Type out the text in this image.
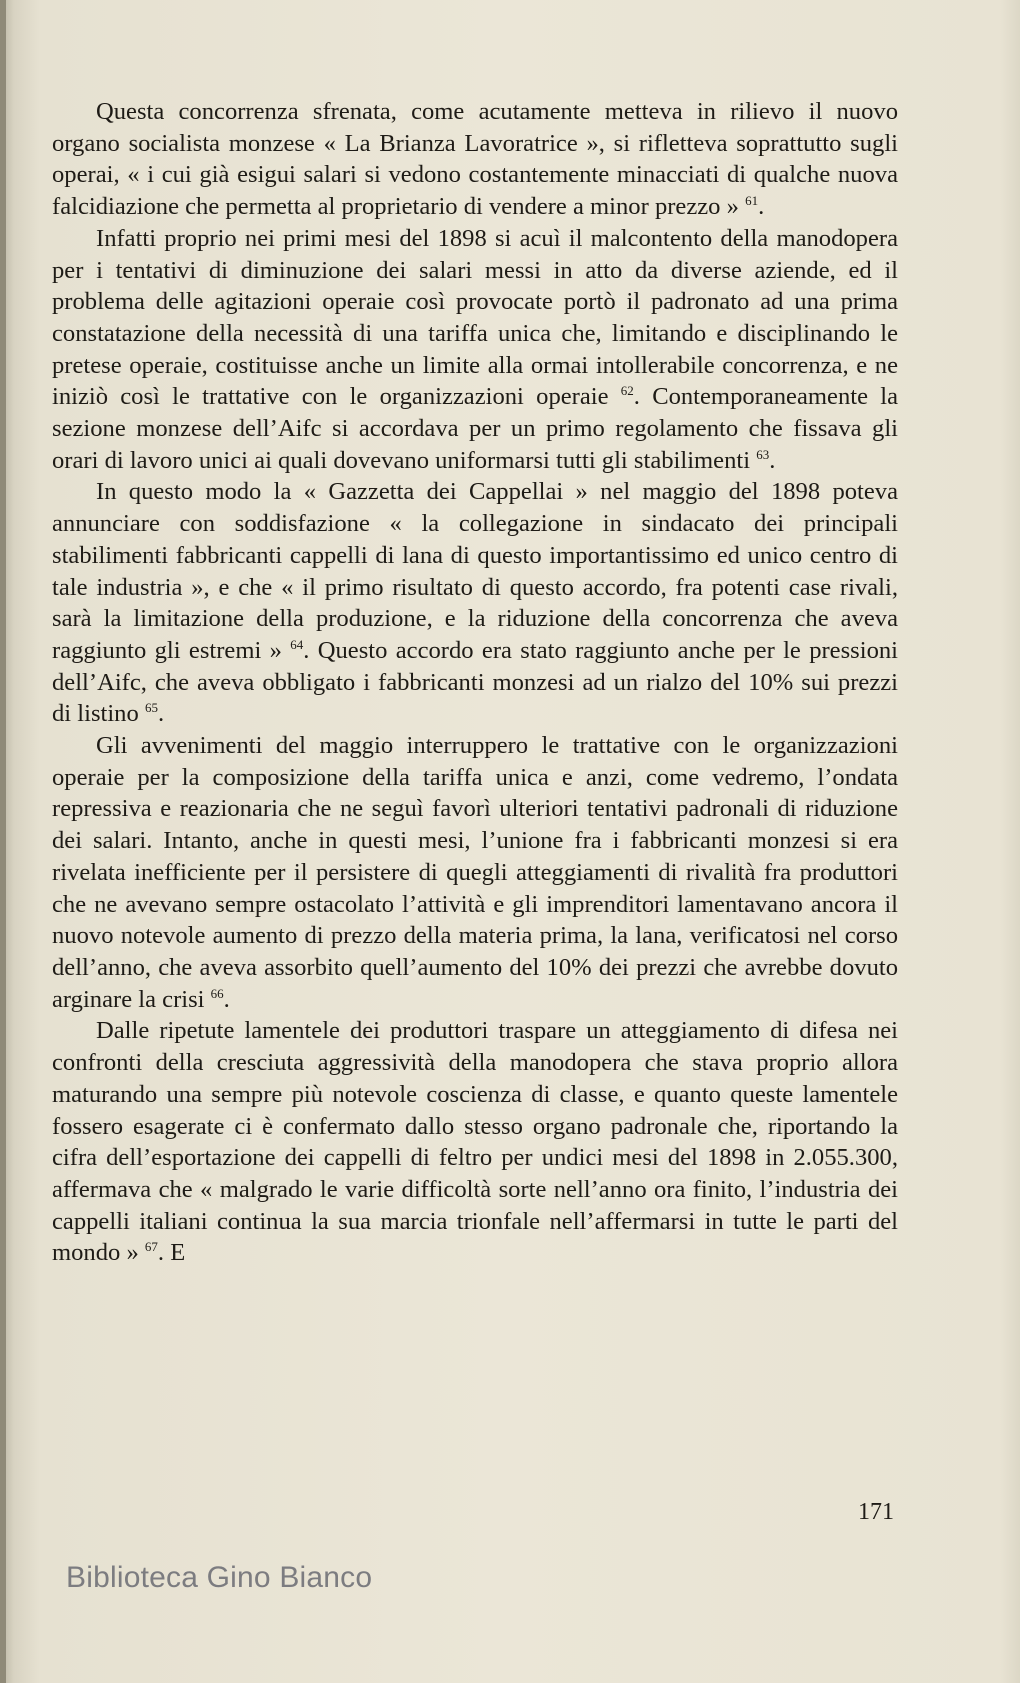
Questa concorrenza sfrenata, come acutamente metteva in rilievo il nuovo organo socialista monzese « La Brianza Lavoratrice », si rifletteva soprattutto sugli operai, « i cui già esigui salari si vedono costantemente minacciati di qualche nuova falcidiazione che permetta al proprietario di vendere a minor prezzo » $^{61}$.

Infatti proprio nei primi mesi del 1898 si acuì il malcontento della manodopera per i tentativi di diminuzione dei salari messi in atto da diverse aziende, ed il problema delle agitazioni operaie così provocate portò il padronato ad una prima constatazione della necessità di una tariffa unica che, limitando e disciplinando le pretese operaie, costituisse anche un limite alla ormai intollerabile concorrenza, e ne iniziò così le trattative con le organizzazioni operaie $^{62}$. Contemporaneamente la sezione monzese dell’Aifc si accordava per un primo regolamento che fissava gli orari di lavoro unici ai quali dovevano uniformarsi tutti gli stabilimenti $^{63}$.

In questo modo la « Gazzetta dei Cappellai » nel maggio del 1898 poteva annunciare con soddisfazione « la collegazione in sindacato dei principali stabilimenti fabbricanti cappelli di lana di questo importantissimo ed unico centro di tale industria », e che « il primo risultato di questo accordo, fra potenti case rivali, sarà la limitazione della produzione, e la riduzione della concorrenza che aveva raggiunto gli estremi » $^{64}$. Questo accordo era stato raggiunto anche per le pressioni dell’Aifc, che aveva obbligato i fabbricanti monzesi ad un rialzo del 10% sui prezzi di listino $^{65}$.

Gli avvenimenti del maggio interruppero le trattative con le organizzazioni operaie per la composizione della tariffa unica e anzi, come vedremo, l’ondata repressiva e reazionaria che ne seguì favorì ulteriori tentativi padronali di riduzione dei salari. Intanto, anche in questi mesi, l’unione fra i fabbricanti monzesi si era rivelata inefficiente per il persistere di quegli atteggiamenti di rivalità fra produttori che ne avevano sempre ostacolato l’attività e gli imprenditori lamentavano ancora il nuovo notevole aumento di prezzo della materia prima, la lana, verificatosi nel corso dell’anno, che aveva assorbito quell’aumento del 10% dei prezzi che avrebbe dovuto arginare la crisi $^{66}$.

Dalle ripetute lamentele dei produttori traspare un atteggiamento di difesa nei confronti della cresciuta aggressività della manodopera che stava proprio allora maturando una sempre più notevole coscienza di classe, e quanto queste lamentele fossero esagerate ci è confermato dallo stesso organo padronale che, riportando la cifra dell’esportazione dei cappelli di feltro per undici mesi del 1898 in 2.055.300, affermava che « malgrado le varie difficoltà sorte nell’anno ora finito, l’industria dei cappelli italiani continua la sua marcia trionfale nell’affermarsi in tutte le parti del mondo » $^{67}$. E

171
Biblioteca Gino Bianco
